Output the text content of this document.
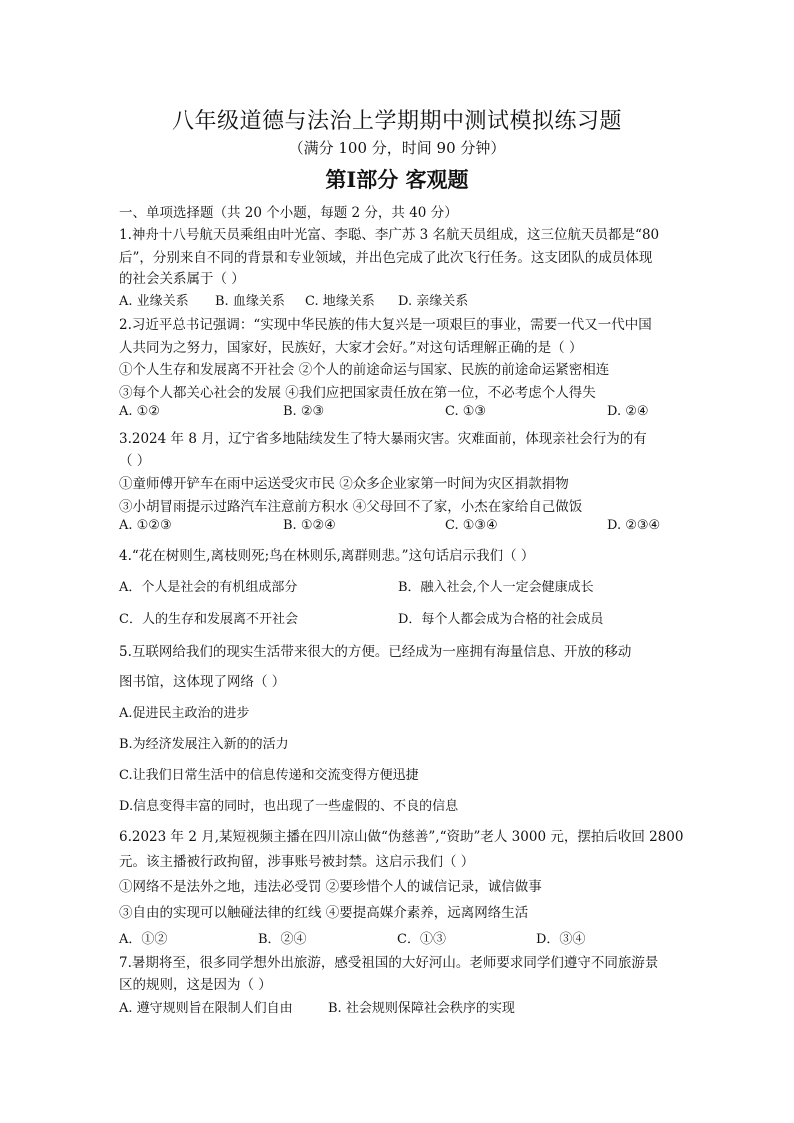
八年级道德与法治上学期期中测试模拟练习题
（满分 100 分，时间 90 分钟）
第Ⅰ部分 客观题
一、单项选择题（共 20 个小题，每题 2 分，共 40 分）
1.神舟十八号航天员乘组由叶光富、李聪、李广苏 3 名航天员组成，这三位航天员都是“80
后”，分别来自不同的背景和专业领域，并出色完成了此次飞行任务。这支团队的成员体现
的社会关系属于（ ）
A. 业缘关系 B. 血缘关系 C. 地缘关系 D. 亲缘关系
2.习近平总书记强调：“实现中华民族的伟大复兴是一项艰巨的事业，需要一代又一代中国
人共同为之努力，国家好，民族好，大家才会好。”对这句话理解正确的是（ ）
①个人生存和发展离不开社会 ②个人的前途命运与国家、民族的前途命运紧密相连
③每个人都关心社会的发展 ④我们应把国家责任放在第一位，不必考虑个人得失
A. ①②	B. ②③	C. ①③	D. ②④
3.2024 年 8 月，辽宁省多地陆续发生了特大暴雨灾害。灾难面前，体现亲社会行为的有
（ ）
①童师傅开铲车在雨中运送受灾市民 ②众多企业家第一时间为灾区捐款捐物
③小胡冒雨提示过路汽车注意前方积水 ④父母回不了家，小杰在家给自己做饭
A. ①②③	B. ①②④	C. ①③④	D. ②③④
4.“花在树则生,离枝则死;鸟在林则乐,离群则悲。”这句话启示我们（ ）
A．个人是社会的有机组成部分	B．融入社会,个人一定会健康成长
C．人的生存和发展离不开社会	D．每个人都会成为合格的社会成员
5.互联网给我们的现实生活带来很大的方便。已经成为一座拥有海量信息、开放的移动
图书馆，这体现了网络（ ）
A.促进民主政治的进步
B.为经济发展注入新的的活力
C.让我们日常生活中的信息传递和交流变得方便迅捷
D.信息变得丰富的同时，也出现了一些虚假的、不良的信息
6.2023 年 2 月,某短视频主播在四川凉山做“伪慈善”,“资助”老人 3000 元，摆拍后收回 2800
元。该主播被行政拘留，涉事账号被封禁。这启示我们（ ）
①网络不是法外之地，违法必受罚 ②要珍惜个人的诚信记录，诚信做事
③自由的实现可以触碰法律的红线 ④要提高媒介素养，远离网络生活
A．①②	B．②④	C．①③	D．③④
7.暑期将至，很多同学想外出旅游，感受祖国的大好河山。老师要求同学们遵守不同旅游景
区的规则，这是因为（ ）
A. 遵守规则旨在限制人们自由	B. 社会规则保障社会秩序的实现
